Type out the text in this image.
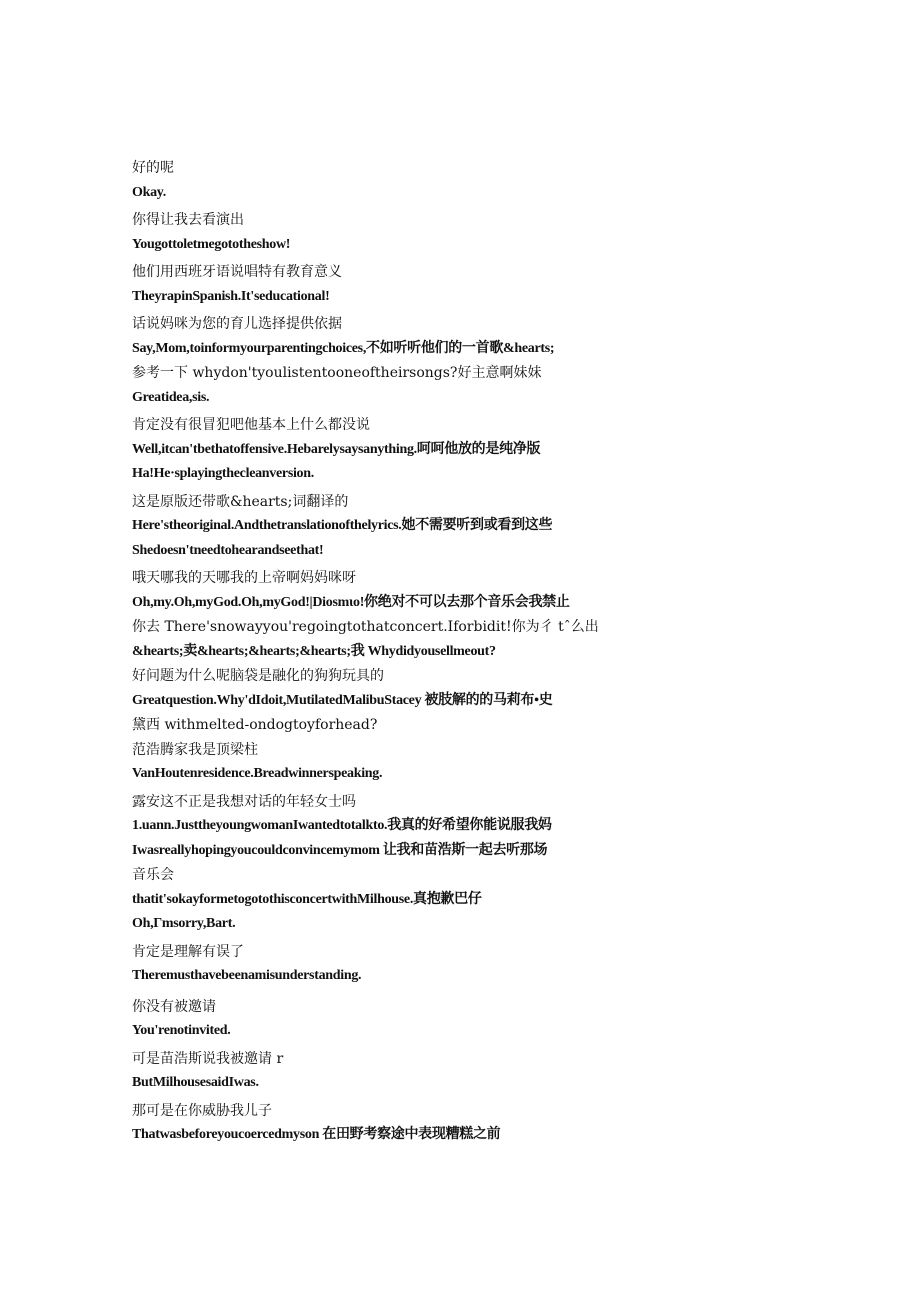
好的呢
Okay.
你得让我去看演出
Yougottoletmegototheshow!
他们用西班牙语说唱特有教育意义
TheyrapinSpanish.It'seducational!
话说妈咪为您的育儿选择提供依据
Say,Mom,toinformyourparentingchoices,不如听听他们的一首歌&hearts;
参考一下 whydon'tyoulistentooneoftheirsongs?好主意啊妹妹
Greatidea,sis.
肯定没有很冒犯吧他基本上什么都没说
Well,itcan'tbethatoffensive.Hebarelysaysanything.呵呵他放的是纯净版
Ha!He·splayingthecleanversion.
这是原版还带歌&hearts;词翻译的
Here'stheoriginal.Andthetranslationofthelyrics.她不需要听到或看到这些
Shedoesn'tneedtohearandseethat!
哦天哪我的天哪我的上帝啊妈妈咪呀
Oh,my.Oh,myGod.Oh,myGod!|Diosmιo!你绝对不可以去那个音乐会我禁止
你去 There'snowayyou'regoingtothatconcert.Iforbidit!你为彳 tˆ么出
&hearts;卖&hearts;&hearts;&hearts;我 Whydidyousellmeout?
好问题为什么呢脑袋是融化的狗狗玩具的
Greatquestion.Why'dIdoit,MutilatedMalibuStacey 被肢解的的马莉布•史
黛西 withmelted-ondogtoyforhead?
范浩腾家我是顶梁柱
VanHoutenresidence.Breadwinnerspeaking.
露安这不正是我想对话的年轻女士吗
1.uann.JusttheyoungwomanIwantedtotalkto.我真的好希望你能说服我妈
Iwasreallyhopingyoucouldconvincemymom 让我和苗浩斯一起去听那场
音乐会
thatit'sokayformetogotothisconcertwithMilhouse.真抱歉巴仔
Oh,Γmsorry,Bart.
肯定是理解有误了
Theremusthavebeenamisunderstanding.
你没有被邀请
You'renotinvited.
可是苗浩斯说我被邀请 r
ButMilhousesaidIwas.
那可是在你威胁我儿子
Thatwasbeforeyoucoercedmyson 在田野考察途中表现糟糕之前
